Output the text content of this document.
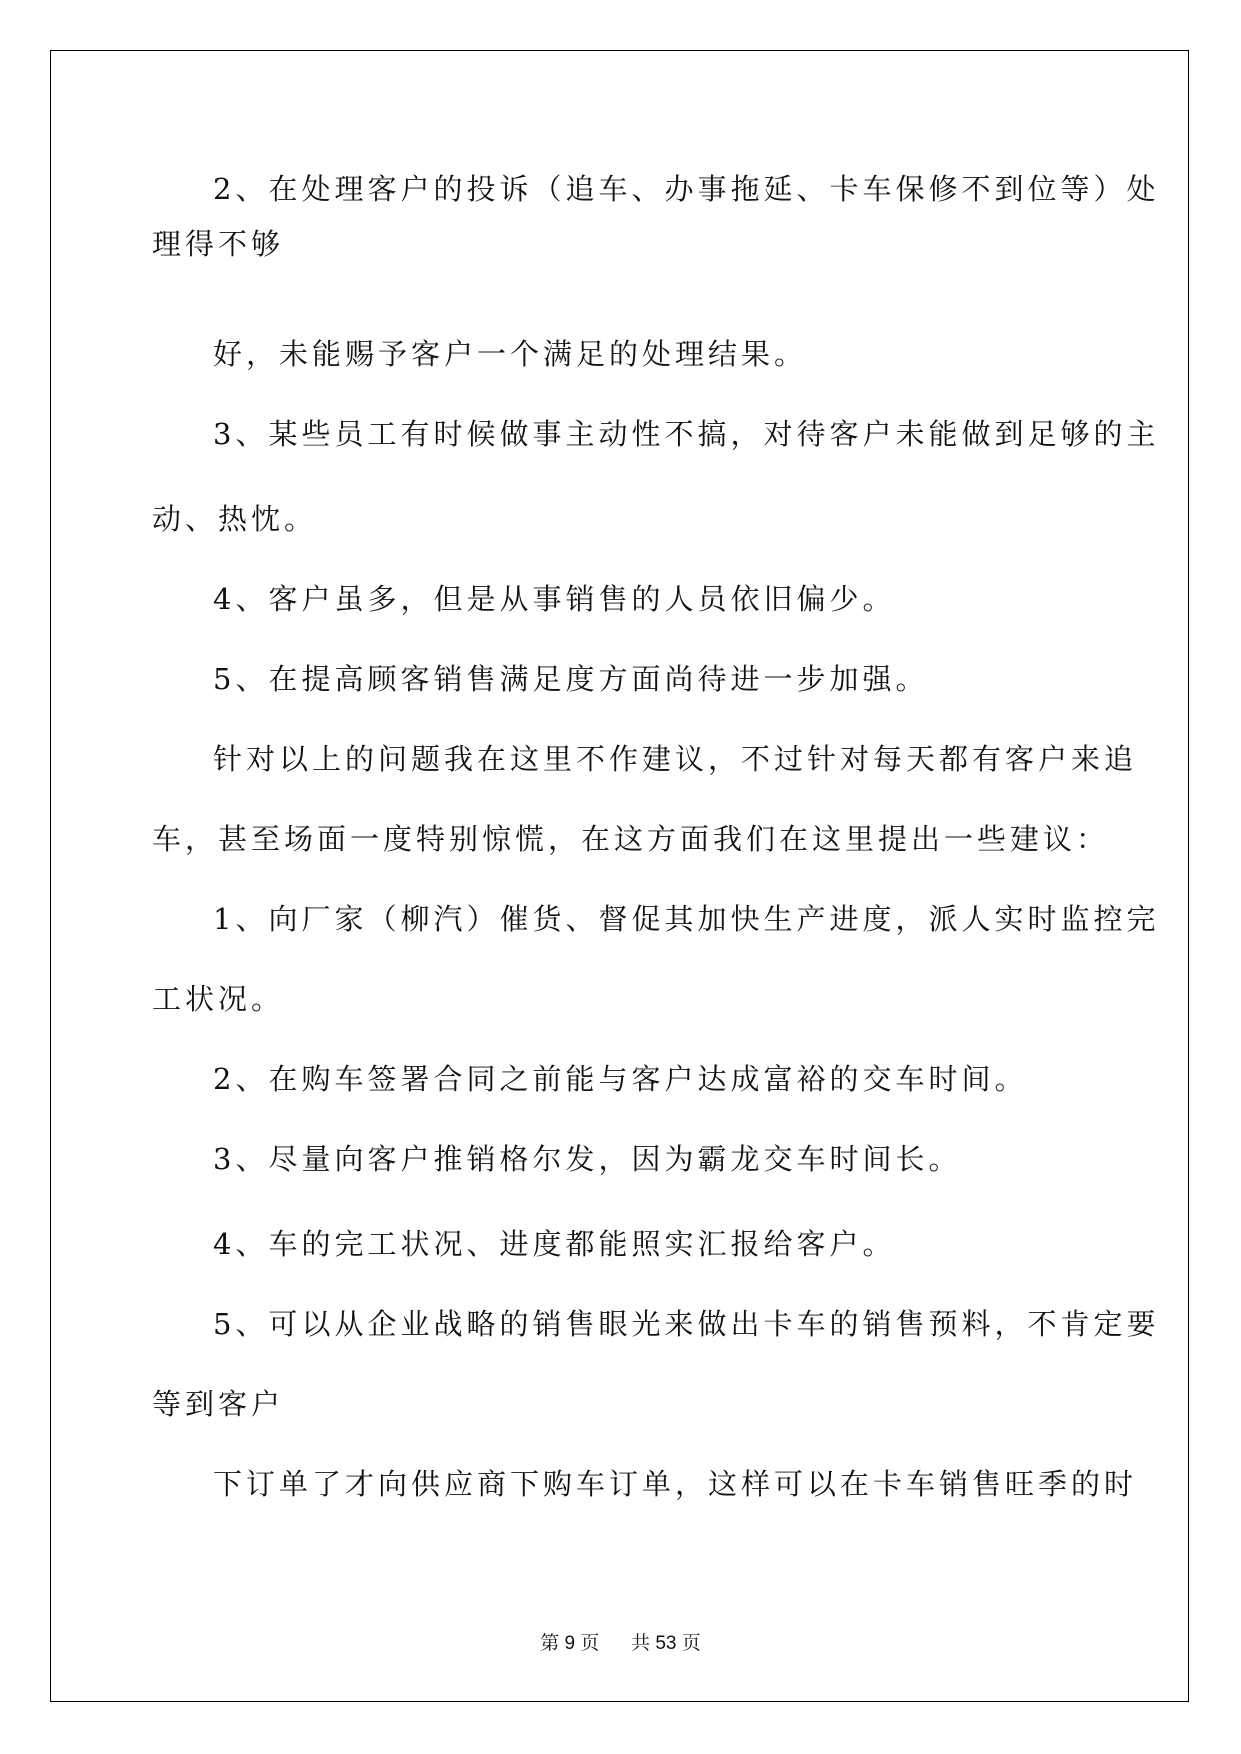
2、在处理客户的投诉（追车、办事拖延、卡车保修不到位等）处
理得不够
好，未能赐予客户一个满足的处理结果。
3、某些员工有时候做事主动性不搞，对待客户未能做到足够的主
动、热忱。
4、客户虽多，但是从事销售的人员依旧偏少。
5、在提高顾客销售满足度方面尚待进一步加强。
针对以上的问题我在这里不作建议，不过针对每天都有客户来追
车，甚至场面一度特别惊慌，在这方面我们在这里提出一些建议：
1、向厂家（柳汽）催货、督促其加快生产进度，派人实时监控完
工状况。
2、在购车签署合同之前能与客户达成富裕的交车时间。
3、尽量向客户推销格尔发，因为霸龙交车时间长。
4、车的完工状况、进度都能照实汇报给客户。
5、可以从企业战略的销售眼光来做出卡车的销售预料，不肯定要
等到客户
下订单了才向供应商下购车订单，这样可以在卡车销售旺季的时
第 9 页 共 53 页
